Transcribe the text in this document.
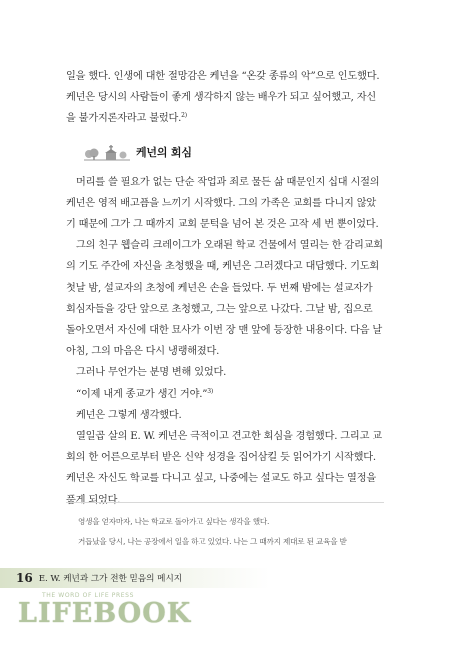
일을 했다. 인생에 대한 절망감은 케넌을 “온갖 종류의 악”으로 인도했다. 케넌은 당시의 사람들이 좋게 생각하지 않는 배우가 되고 싶어했고, 자신을 불가지론자라고 불렀다.$^{2)}$

케넌의 회심

머리를 쓸 필요가 없는 단순 작업과 죄로 물든 삶 때문인지 십대 시절의 케넌은 영적 배고픔을 느끼기 시작했다. 그의 가족은 교회를 다니지 않았기 때문에 그가 그 때까지 교회 문턱을 넘어 본 것은 고작 세 번 뿐이었다.

그의 친구 웹슬리 크레이그가 오래된 학교 건물에서 열리는 한 감리교회의 기도 주간에 자신을 초청했을 때, 케넌은 그러겠다고 대답했다. 기도회 첫날 밤, 설교자의 초청에 케넌은 손을 들었다. 두 번째 밤에는 설교자가 회심자들을 강단 앞으로 초청했고, 그는 앞으로 나갔다. 그날 밤, 집으로 돌아오면서 자신에 대한 묘사가 이번 장 맨 앞에 등장한 내용이다. 다음 날 아침, 그의 마음은 다시 냉랭해졌다.

그러나 무언가는 분명 변해 있었다.

“이제 내게 종교가 생긴 거야.”$^{3)}$

케넌은 그렇게 생각했다.

열일곱 살의 E. W. 케넌은 극적이고 견고한 회심을 경험했다. 그리고 교회의 한 어른으로부터 받은 신약 성경을 집어삼킬 듯 읽어가기 시작했다. 케넌은 자신도 학교를 다니고 싶고, 나중에는 설교도 하고 싶다는 열정을 품게 되었다.

영생을 얻자마자, 나는 학교로 돌아가고 싶다는 생각을 했다.

거듭났을 당시, 나는 공장에서 일을 하고 있었다. 나는 그 때까지 제대로 된 교육을 받

16 E. W. 케넌과 그가 전한 믿음의 메시지
THE WORD OF LIFE PRESS
LIFEBOOK
